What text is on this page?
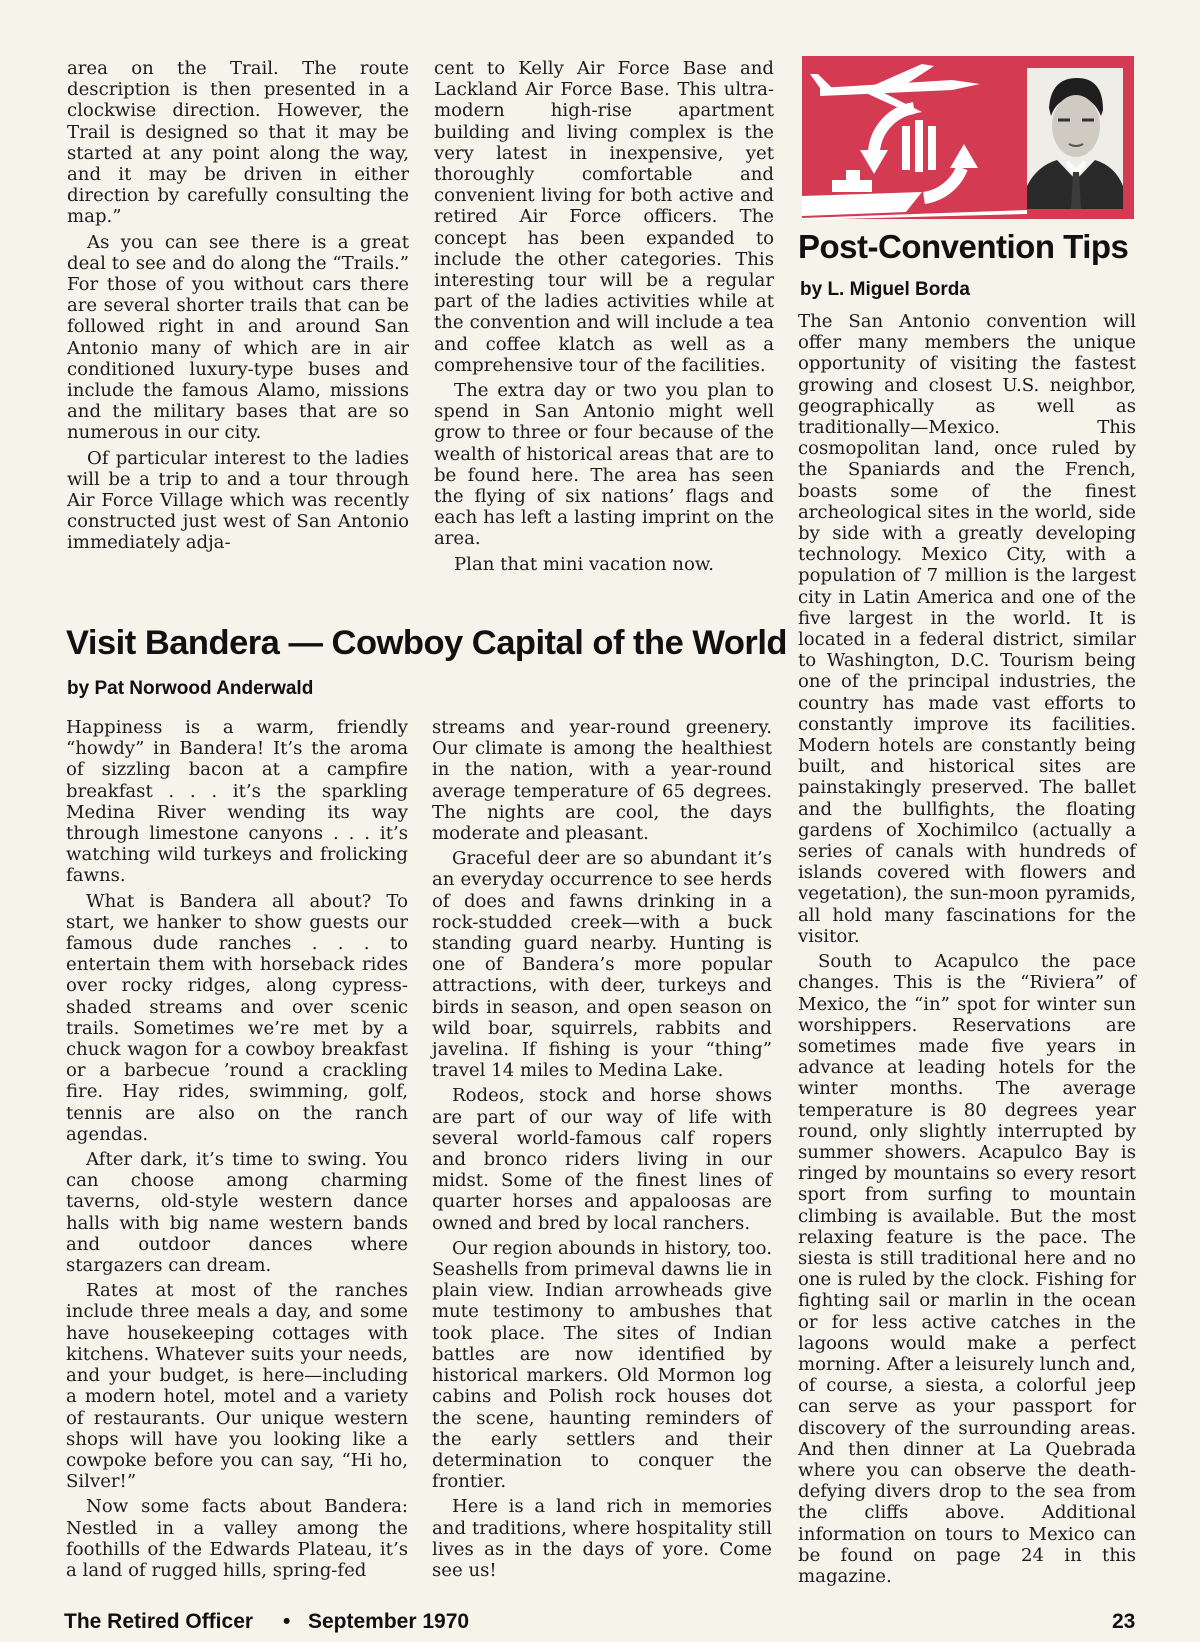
area on the Trail. The route description is then presented in a clockwise direction. However, the Trail is designed so that it may be started at any point along the way, and it may be driven in either direction by carefully consulting the map.”

As you can see there is a great deal to see and do along the “Trails.” For those of you without cars there are several shorter trails that can be followed right in and around San Antonio many of which are in air conditioned luxury-type buses and include the famous Alamo, missions and the military bases that are so numerous in our city.

Of particular interest to the ladies will be a trip to and a tour through Air Force Village which was recently constructed just west of San Antonio immediately adja-

cent to Kelly Air Force Base and Lackland Air Force Base. This ultra-modern high-rise apartment building and living complex is the very latest in inexpensive, yet thoroughly comfortable and convenient living for both active and retired Air Force officers. The concept has been expanded to include the other categories. This interesting tour will be a regular part of the ladies activities while at the convention and will include a tea and coffee klatch as well as a comprehensive tour of the facilities.

The extra day or two you plan to spend in San Antonio might well grow to three or four because of the wealth of historical areas that are to be found here. The area has seen the flying of six nations’ flags and each has left a lasting imprint on the area.

Plan that mini vacation now.

Visit Bandera — Cowboy Capital of the World
by Pat Norwood Anderwald

Happiness is a warm, friendly “howdy” in Bandera! It’s the aroma of sizzling bacon at a campfire breakfast . . . it’s the sparkling Medina River wending its way through limestone canyons . . . it’s watching wild turkeys and frolicking fawns.

What is Bandera all about? To start, we hanker to show guests our famous dude ranches . . . to entertain them with horseback rides over rocky ridges, along cypress-shaded streams and over scenic trails. Sometimes we’re met by a chuck wagon for a cowboy breakfast or a barbecue ’round a crackling fire. Hay rides, swimming, golf, tennis are also on the ranch agendas.

After dark, it’s time to swing. You can choose among charming taverns, old-style western dance halls with big name western bands and outdoor dances where stargazers can dream.

Rates at most of the ranches include three meals a day, and some have housekeeping cottages with kitchens. Whatever suits your needs, and your budget, is here—including a modern hotel, motel and a variety of restaurants. Our unique western shops will have you looking like a cowpoke before you can say, “Hi ho, Silver!”

Now some facts about Bandera: Nestled in a valley among the foothills of the Edwards Plateau, it’s a land of rugged hills, spring-fed

streams and year-round greenery. Our climate is among the healthiest in the nation, with a year-round average temperature of 65 degrees. The nights are cool, the days moderate and pleasant.

Graceful deer are so abundant it’s an everyday occurrence to see herds of does and fawns drinking in a rock-studded creek—with a buck standing guard nearby. Hunting is one of Bandera’s more popular attractions, with deer, turkeys and birds in season, and open season on wild boar, squirrels, rabbits and javelina. If fishing is your “thing” travel 14 miles to Medina Lake.

Rodeos, stock and horse shows are part of our way of life with several world-famous calf ropers and bronco riders living in our midst. Some of the finest lines of quarter horses and appaloosas are owned and bred by local ranchers.

Our region abounds in history, too. Seashells from primeval dawns lie in plain view. Indian arrowheads give mute testimony to ambushes that took place. The sites of Indian battles are now identified by historical markers. Old Mormon log cabins and Polish rock houses dot the scene, haunting reminders of the early settlers and their determination to conquer the frontier.

Here is a land rich in memories and traditions, where hospitality still lives as in the days of yore. Come see us!

Post-Convention Tips
by L. Miguel Borda

The San Antonio convention will offer many members the unique opportunity of visiting the fastest growing and closest U.S. neighbor, geographically as well as traditionally—Mexico. This cosmopolitan land, once ruled by the Spaniards and the French, boasts some of the finest archeological sites in the world, side by side with a greatly developing technology. Mexico City, with a population of 7 million is the largest city in Latin America and one of the five largest in the world. It is located in a federal district, similar to Washington, D.C. Tourism being one of the principal industries, the country has made vast efforts to constantly improve its facilities. Modern hotels are constantly being built, and historical sites are painstakingly preserved. The ballet and the bullfights, the floating gardens of Xochimilco (actually a series of canals with hundreds of islands covered with flowers and vegetation), the sun-moon pyramids, all hold many fascinations for the visitor.

South to Acapulco the pace changes. This is the “Riviera” of Mexico, the “in” spot for winter sun worshippers. Reservations are sometimes made five years in advance at leading hotels for the winter months. The average temperature is 80 degrees year round, only slightly interrupted by summer showers. Acapulco Bay is ringed by mountains so every resort sport from surfing to mountain climbing is available. But the most relaxing feature is the pace. The siesta is still traditional here and no one is ruled by the clock. Fishing for fighting sail or marlin in the ocean or for less active catches in the lagoons would make a perfect morning. After a leisurely lunch and, of course, a siesta, a colorful jeep can serve as your passport for discovery of the surrounding areas. And then dinner at La Quebrada where you can observe the death-defying divers drop to the sea from the cliffs above. Additional information on tours to Mexico can be found on page 24 in this magazine.

The Retired Officer • September 1970	23
